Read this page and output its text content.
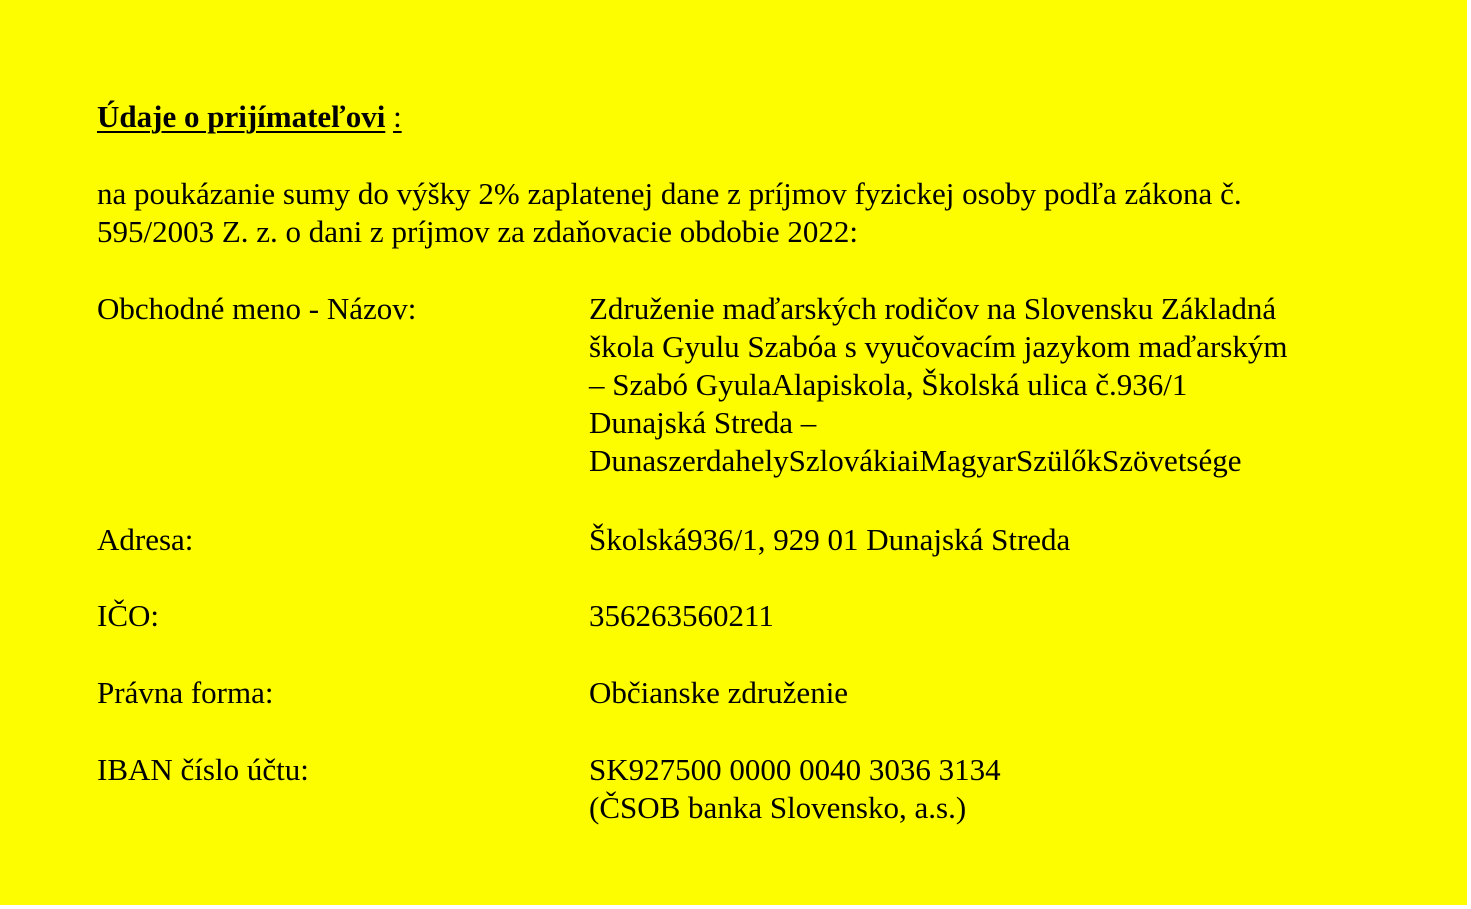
Údaje o prijímateľovi :
na poukázanie sumy do výšky 2% zaplatenej dane z príjmov fyzickej osoby podľa zákona č.
595/2003 Z. z. o dani z príjmov za zdaňovacie obdobie 2022:
Obchodné meno - Názov:	Združenie maďarských rodičov na Slovensku Základná
škola Gyulu Szabóa s vyučovacím jazykom maďarským
– Szabó GyulaAlapiskola, Školská ulica č.936/1
Dunajská Streda –
DunaszerdahelySzlovákiaiMagyarSzülőkSzövetsége
Adresa:	Školská936/1, 929 01 Dunajská Streda
IČO:	356263560211
Právna forma:	Občianske združenie
IBAN číslo účtu:	SK927500 0000 0040 3036 3134
(ČSOB banka Slovensko, a.s.)
